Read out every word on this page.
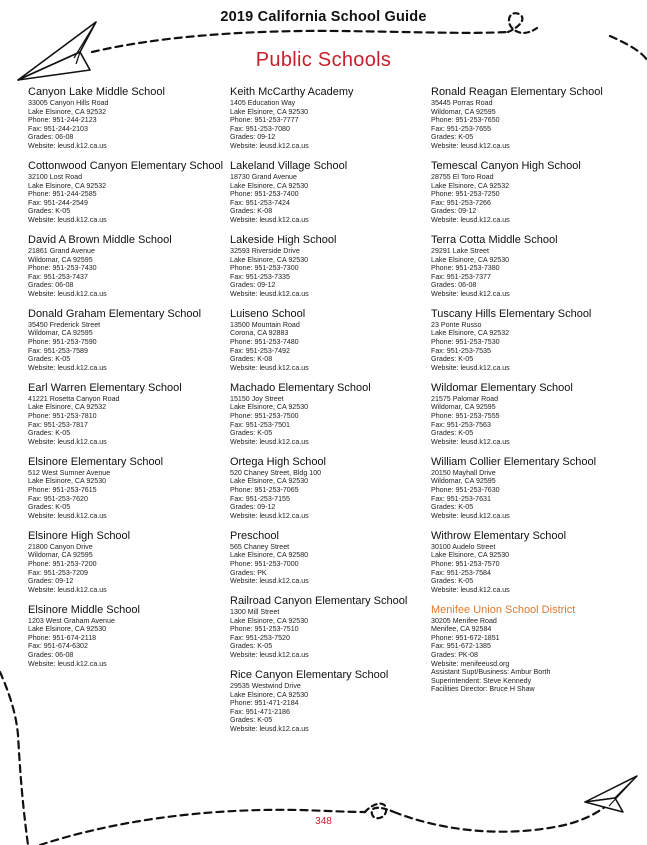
2019 California School Guide
Public Schools
Canyon Lake Middle School
33005 Canyon Hills Road
Lake Elsinore, CA 92532
Phone: 951-244-2123
Fax: 951-244-2103
Grades: 06-08
Website: leusd.k12.ca.us
Cottonwood Canyon Elementary School
32100 Lost Road
Lake Elsinore, CA 92532
Phone: 951-244-2585
Fax: 951-244-2549
Grades: K-05
Website: leusd.k12.ca.us
David A Brown Middle School
21861 Grand Avenue
Wildomar, CA 92595
Phone: 951-253-7430
Fax: 951-253-7437
Grades: 06-08
Website: leusd.k12.ca.us
Donald Graham Elementary School
35450 Frederick Street
Wildomar, CA 92595
Phone: 951-253-7590
Fax: 951-253-7589
Grades: K-05
Website: leusd.k12.ca.us
Earl Warren Elementary School
41221 Rosetta Canyon Road
Lake Elsinore, CA 92532
Phone: 951-253-7810
Fax: 951-253-7817
Grades: K-05
Website: leusd.k12.ca.us
Elsinore Elementary School
512 West Sumner Avenue
Lake Elsinore, CA 92530
Phone: 951-253-7615
Fax: 951-253-7620
Grades: K-05
Website: leusd.k12.ca.us
Elsinore High School
21800 Canyon Drive
Wildomar, CA 92595
Phone: 951-253-7200
Fax: 951-253-7209
Grades: 09-12
Website: leusd.k12.ca.us
Elsinore Middle School
1203 West Graham Avenue
Lake Elsinore, CA 92530
Phone: 951-674-2118
Fax: 951-674-6302
Grades: 06-08
Website: leusd.k12.ca.us
Keith McCarthy Academy
1405 Education Way
Lake Elsinore, CA 92530
Phone: 951-253-7777
Fax: 951-253-7080
Grades: 09-12
Website: leusd.k12.ca.us
Lakeland Village School
18730 Grand Avenue
Lake Elsinore, CA 92530
Phone: 951-253-7400
Fax: 951-253-7424
Grades: K-08
Website: leusd.k12.ca.us
Lakeside High School
32593 Riverside Drive
Lake Elsinore, CA 92530
Phone: 951-253-7300
Fax: 951-253-7335
Grades: 09-12
Website: leusd.k12.ca.us
Luiseno School
13500 Mountain Road
Corona, CA 92883
Phone: 951-253-7480
Fax: 951-253-7492
Grades: K-08
Website: leusd.k12.ca.us
Machado Elementary School
15150 Joy Street
Lake Elsinore, CA 92530
Phone: 951-253-7500
Fax: 951-253-7501
Grades: K-05
Website: leusd.k12.ca.us
Ortega High School
520 Chaney Street, Bldg 100
Lake Elsinore, CA 92530
Phone: 951-253-7065
Fax: 951-253-7155
Grades: 09-12
Website: leusd.k12.ca.us
Preschool
565 Chaney Street
Lake Elsinore, CA 92580
Phone: 951-253-7000
Grades: PK
Website: leusd.k12.ca.us
Railroad Canyon Elementary School
1300 Mill Street
Lake Elsinore, CA 92530
Phone: 951-253-7510
Fax: 951-253-7520
Grades: K-05
Website: leusd.k12.ca.us
Rice Canyon Elementary School
29535 Westwind Drive
Lake Elsinore, CA 92530
Phone: 951-471-2184
Fax: 951-471-2186
Grades: K-05
Website: leusd.k12.ca.us
Ronald Reagan Elementary School
35445 Porras Road
Wildomar, CA 92595
Phone: 951-253-7650
Fax: 951-253-7655
Grades: K-05
Website: leusd.k12.ca.us
Temescal Canyon High School
28755 El Toro Road
Lake Elsinore, CA 92532
Phone: 951-253-7250
Fax: 951-253-7266
Grades: 09-12
Website: leusd.k12.ca.us
Terra Cotta Middle School
29291 Lake Street
Lake Elsinore, CA 92530
Phone: 951-253-7380
Fax: 951-253-7377
Grades: 06-08
Website: leusd.k12.ca.us
Tuscany Hills Elementary School
23 Ponte Russo
Lake Elsinore, CA 92532
Phone: 951-253-7530
Fax: 951-253-7535
Grades: K-05
Website: leusd.k12.ca.us
Wildomar Elementary School
21575 Palomar Road
Wildomar, CA 92595
Phone: 951-253-7555
Fax: 951-253-7563
Grades: K-05
Website: leusd.k12.ca.us
William Collier Elementary School
20150 Mayhall Drive
Wildomar, CA 92595
Phone: 951-253-7630
Fax: 951-253-7631
Grades: K-05
Website: leusd.k12.ca.us
Withrow Elementary School
30100 Audelo Street
Lake Elsinore, CA 92530
Phone: 951-253-7570
Fax: 951-253-7584
Grades: K-05
Website: leusd.k12.ca.us
Menifee Union School District
30205 Menifee Road
Menifee, CA 92584
Phone: 951-672-1851
Fax: 951-672-1385
Grades: PK-08
Website: menifeeusd.org
Assistant Supt/Business: Ambur Borth
Superintendent: Steve Kennedy
Facilities Director: Bruce H Shaw
348
